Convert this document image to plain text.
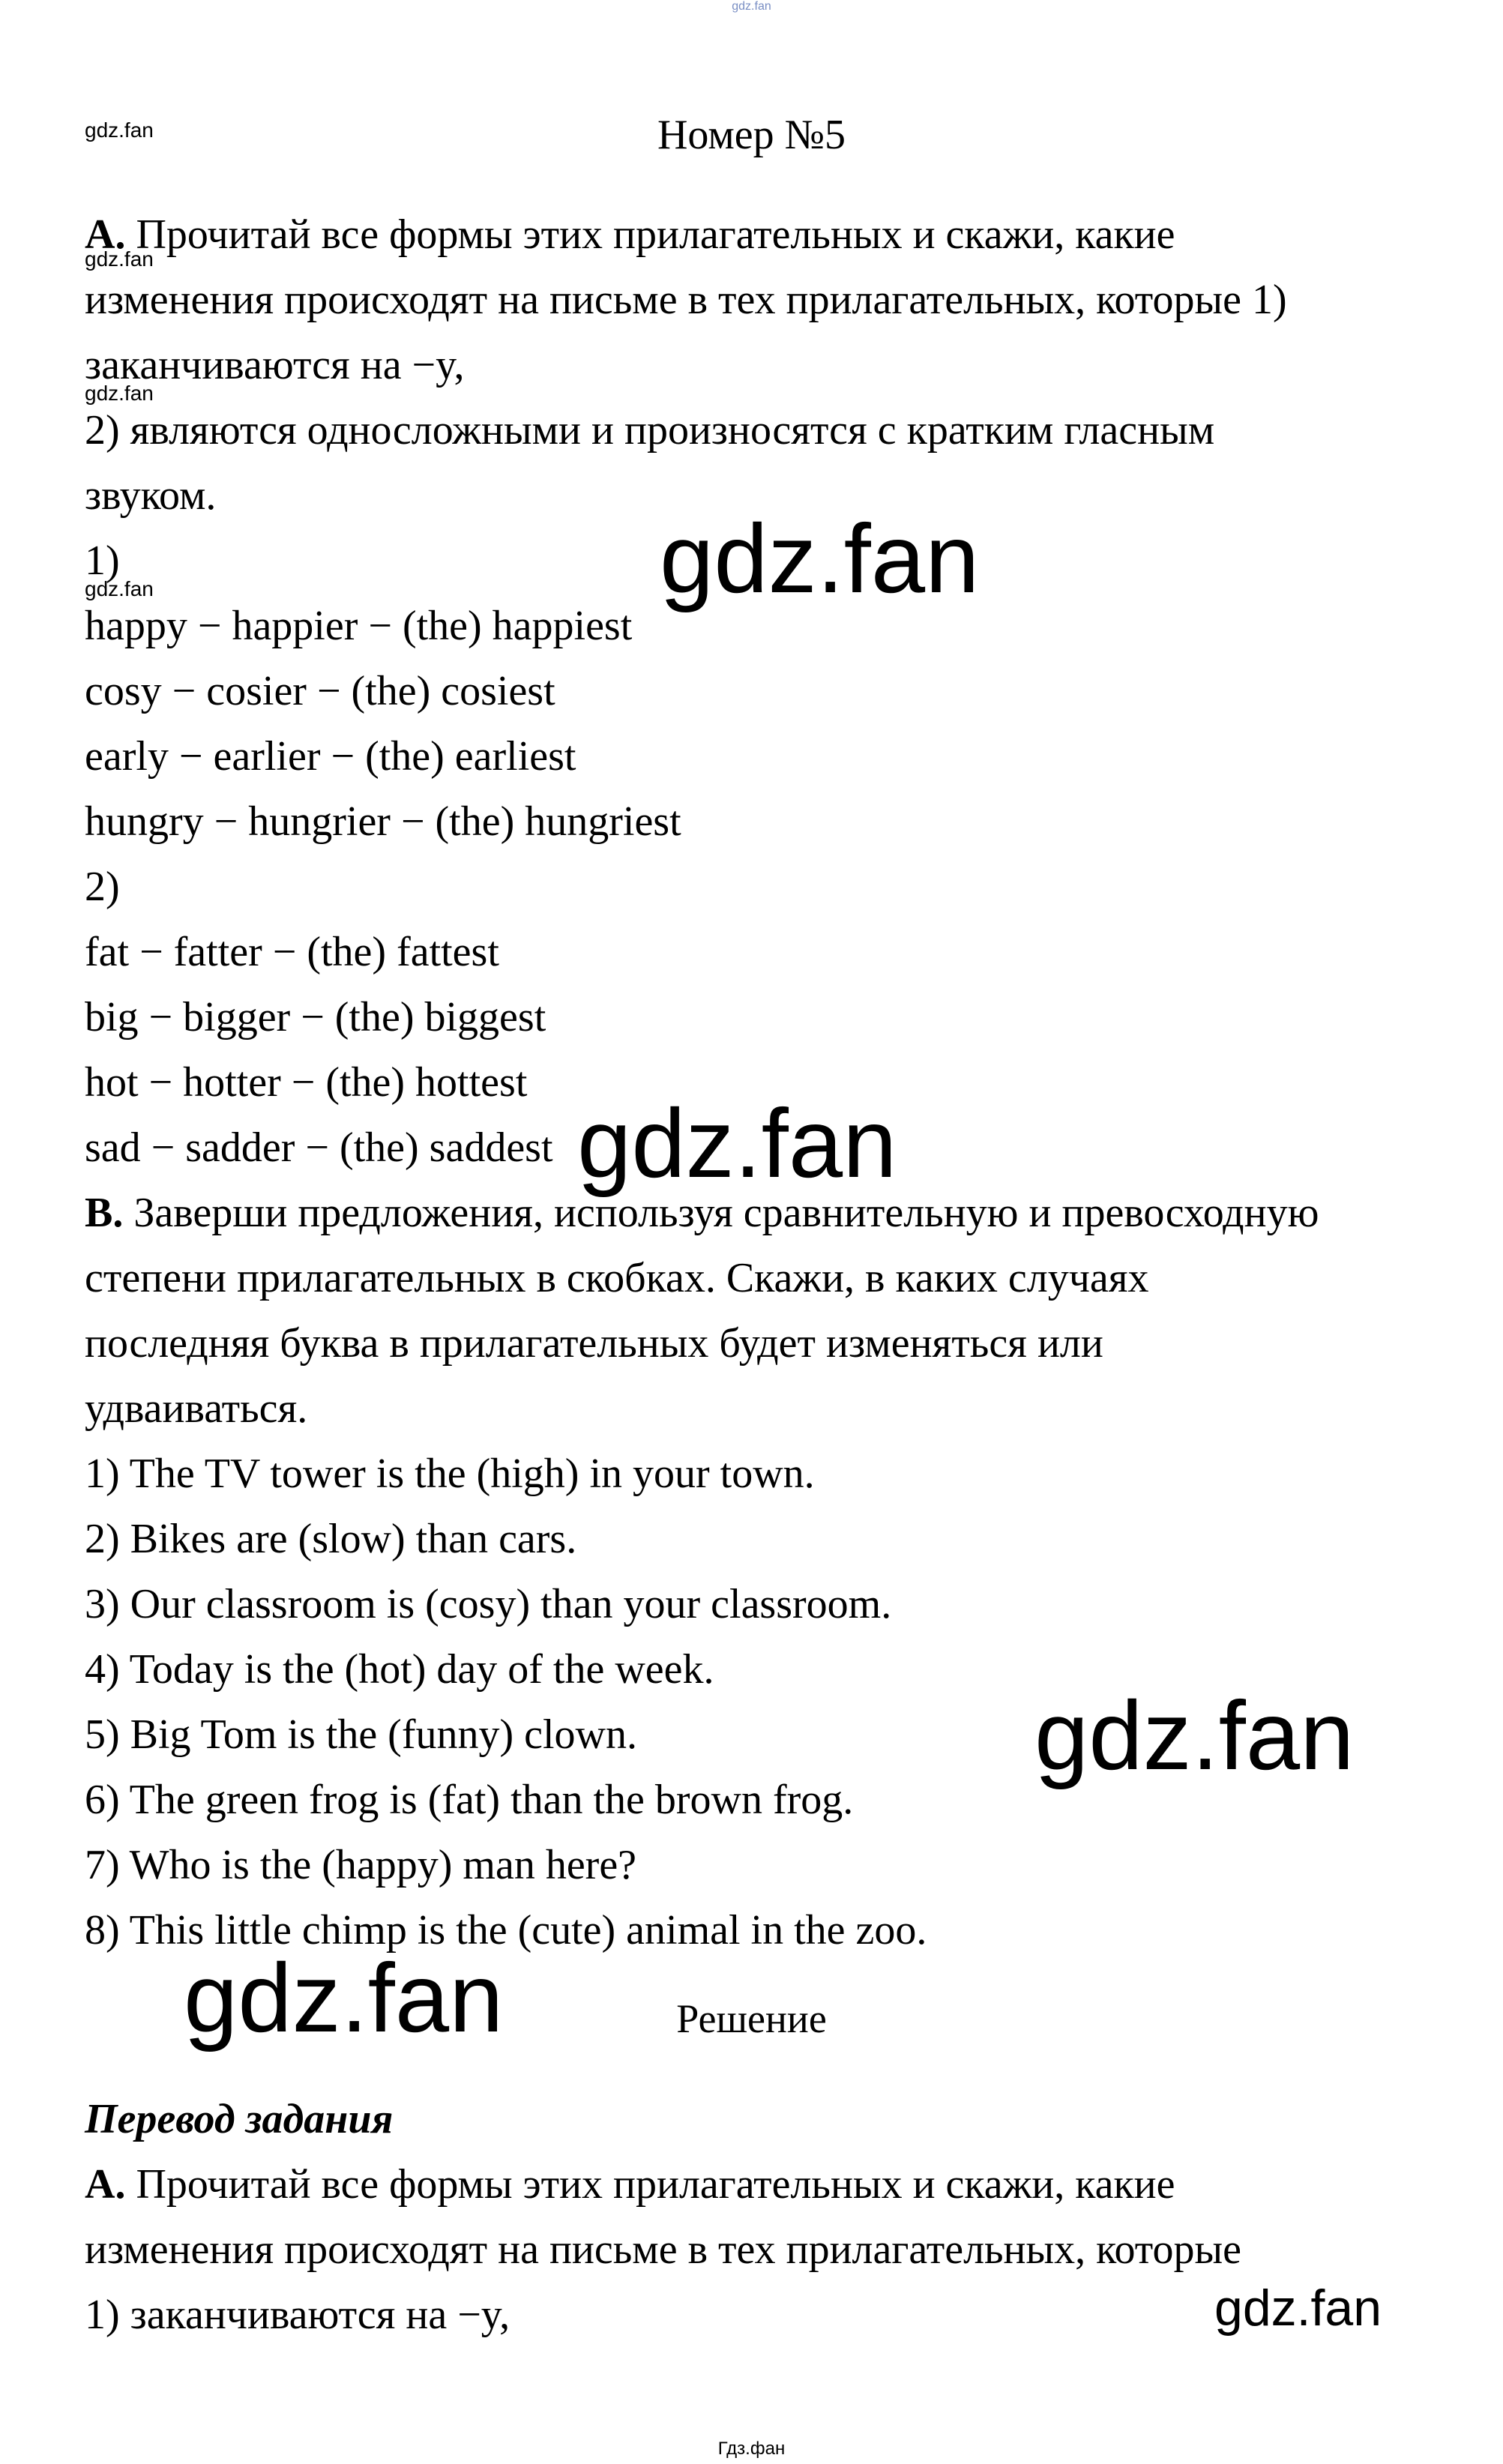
gdz.fan
gdz.fan	Номер №5
A. Прочитай все формы этих прилагательных и скажи, какие
изменения происходят на письме в тех прилагательных, которые 1)
заканчиваются на −y,
2) являются односложными и произносятся с кратким гласным
звуком.
1)
happy − happier − (the) happiest
cosy − cosier − (the) cosiest
early − earlier − (the) earliest
hungry − hungrier − (the) hungriest
2)
fat − fatter − (the) fattest
big − bigger − (the) biggest
hot − hotter − (the) hottest
sad − sadder − (the) saddest
B. Заверши предложения, используя сравнительную и превосходную
степени прилагательных в скобках. Скажи, в каких случаях
последняя буква в прилагательных будет изменяться или
удваиваться.
1) The TV tower is the (high) in your town.
2) Bikes are (slow) than cars.
3) Our classroom is (cosy) than your classroom.
4) Today is the (hot) day of the week.
5) Big Tom is the (funny) clown.
6) The green frog is (fat) than the brown frog.
7) Who is the (happy) man here?
8) This little chimp is the (cute) animal in the zoo.
Решение
Перевод задания
A. Прочитай все формы этих прилагательных и скажи, какие
изменения происходят на письме в тех прилагательных, которые
1) заканчиваются на −y,
gdz.fan
gdz.fan
gdz.fan	gdz.fan
gdz.fan
gdz.fan
gdz.fan
gdz.fan
Гдз.фан
